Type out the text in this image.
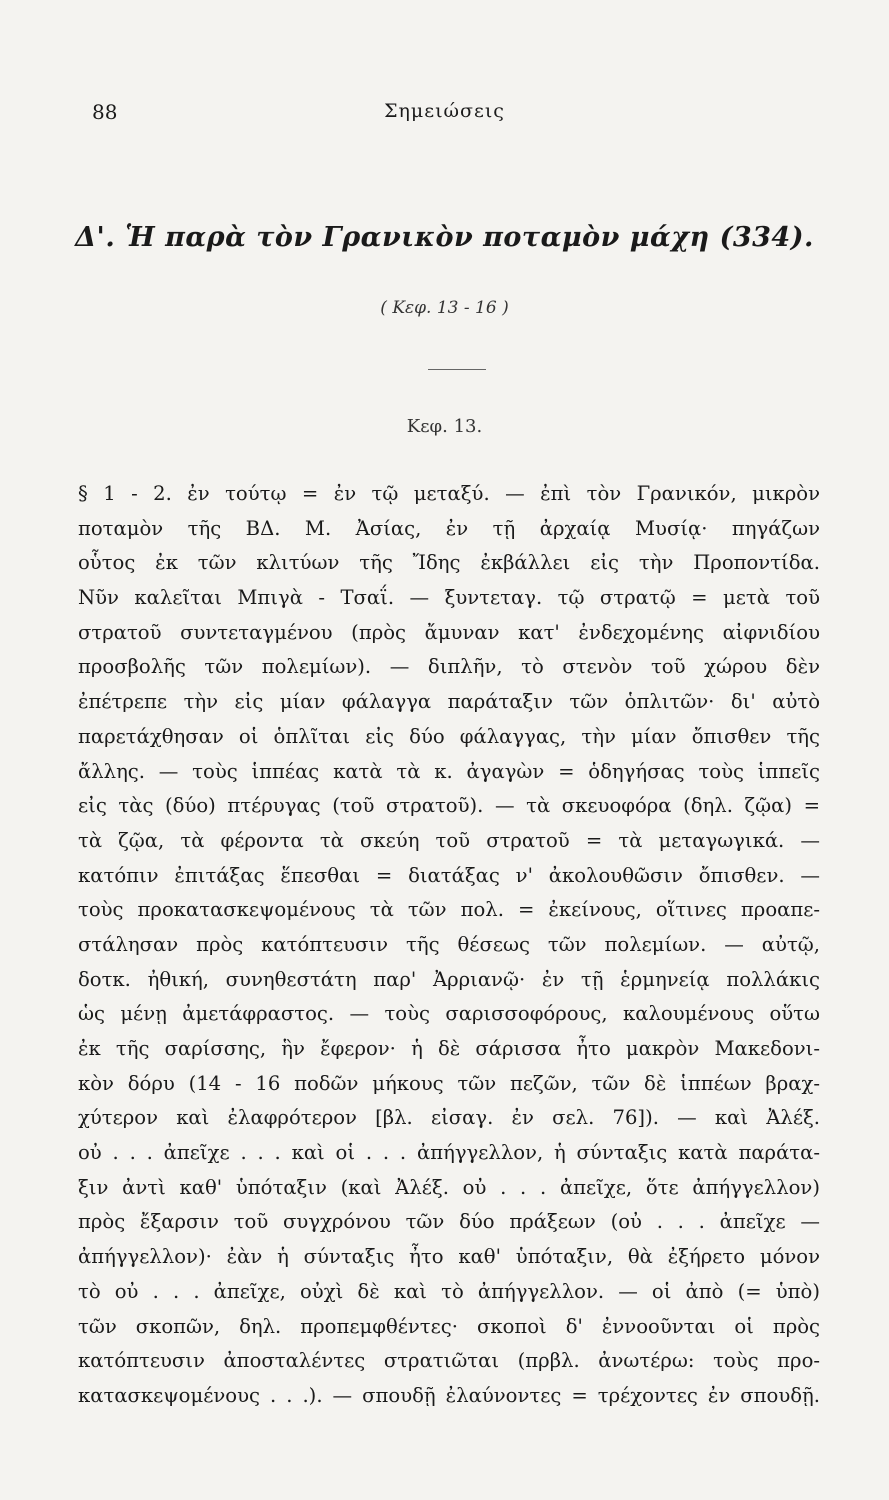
88	Σημειώσεις
Δ'. Ἡ παρὰ τὸν Γρανικὸν ποταμὸν μάχη (334).
( Κεφ. 13 - 16 )
Κεφ. 13.
§ 1 - 2. ἐν τούτῳ = ἐν τῷ μεταξύ. — ἐπὶ τὸν Γρανικόν, μικρὸν
ποταμὸν τῆς ΒΔ. Μ. Ἀσίας, ἐν τῇ ἀρχαίᾳ Μυσίᾳ· πηγάζων
οὗτος ἐκ τῶν κλιτύων τῆς Ἴδης ἐκβάλλει εἰς τὴν Προποντίδα.
Νῦν καλεῖται Μπιγὰ - Τσαΐ. — ξυντεταγ. τῷ στρατῷ = μετὰ τοῦ
στρατοῦ συντεταγμένου (πρὸς ἄμυναν κατ' ἐνδεχομένης αἰφνιδίου
προσβολῆς τῶν πολεμίων). — διπλῆν, τὸ στενὸν τοῦ χώρου δὲν
ἐπέτρεπε τὴν εἰς μίαν φάλαγγα παράταξιν τῶν ὁπλιτῶν· δι' αὐτὸ
παρετάχθησαν οἱ ὁπλῖται εἰς δύο φάλαγγας, τὴν μίαν ὄπισθεν τῆς
ἄλλης. — τοὺς ἱππέας κατὰ τὰ κ. ἀγαγὼν = ὁδηγήσας τοὺς ἱππεῖς
εἰς τὰς (δύο) πτέρυγας (τοῦ στρατοῦ). — τὰ σκευοφόρα (δηλ. ζῷα) =
τὰ ζῷα, τὰ φέροντα τὰ σκεύη τοῦ στρατοῦ = τὰ μεταγωγικά. —
κατόπιν ἐπιτάξας ἕπεσθαι = διατάξας ν' ἀκολουθῶσιν ὄπισθεν. —
τοὺς προκατασκεψομένους τὰ τῶν πολ. = ἐκείνους, οἵτινες προαπε-
στάλησαν πρὸς κατόπτευσιν τῆς θέσεως τῶν πολεμίων. — αὐτῷ,
δοτκ. ἠθική, συνηθεστάτη παρ' Ἀρριανῷ· ἐν τῇ ἑρμηνείᾳ πολλάκις
ὡς μένῃ ἀμετάφραστος. — τοὺς σαρισσοφόρους, καλουμένους οὕτω
ἐκ τῆς σαρίσσης, ἣν ἔφερον· ἡ δὲ σάρισσα ἦτο μακρὸν Μακεδονι-
κὸν δόρυ (14 - 16 ποδῶν μήκους τῶν πεζῶν, τῶν δὲ ἱππέων βραχ-
χύτερον καὶ ἐλαφρότερον [βλ. εἰσαγ. ἐν σελ. 76]). — καὶ Ἀλέξ.
οὐ . . . ἀπεῖχε . . . καὶ οἱ . . . ἀπήγγελλον, ἡ σύνταξις κατὰ παράτα-
ξιν ἀντὶ καθ' ὑπόταξιν (καὶ Ἀλέξ. οὐ . . . ἀπεῖχε, ὅτε ἀπήγγελλον)
πρὸς ἔξαρσιν τοῦ συγχρόνου τῶν δύο πράξεων (οὐ . . . ἀπεῖχε —
ἀπήγγελλον)· ἐὰν ἡ σύνταξις ἦτο καθ' ὑπόταξιν, θὰ ἐξήρετο μόνον
τὸ οὐ . . . ἀπεῖχε, οὐχὶ δὲ καὶ τὸ ἀπήγγελλον. — οἱ ἀπὸ (= ὑπὸ)
τῶν σκοπῶν, δηλ. προπεμφθέντες· σκοποὶ δ' ἐννοοῦνται οἱ πρὸς
κατόπτευσιν ἀποσταλέντες στρατιῶται (πρβλ. ἀνωτέρω: τοὺς προ-
κατασκεψομένους . . .). — σπουδῇ ἐλαύνοντες = τρέχοντες ἐν σπουδῇ.
